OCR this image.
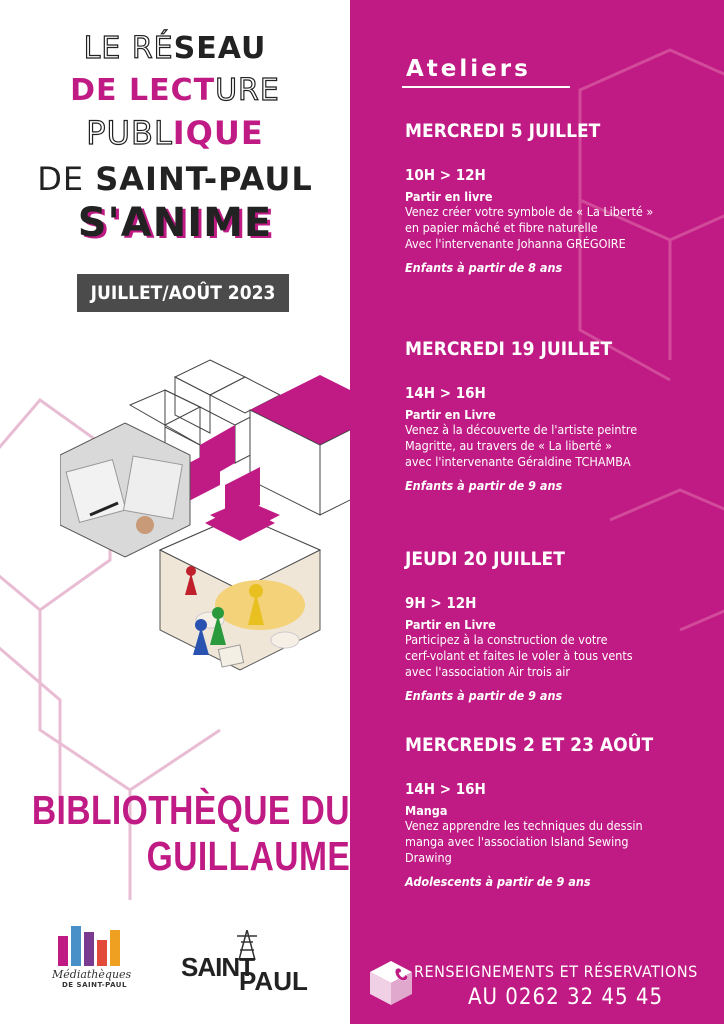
LE RÉSEAU
DE LECTURE
PUBLIQUE
DE SAINT-PAUL
S'ANIME
JUILLET/AOÛT 2023
BIBLIOTHÈQUE DU
GUILLAUME
Médiathèques
DE SAINT-PAUL
SAINT
PAUL
Ateliers
MERCREDI 5 JUILLET
10H > 12H
Partir en livre
Venez créer votre symbole de « La Liberté »
en papier mâché et fibre naturelle
Avec l'intervenante Johanna GRÉGOIRE
Enfants à partir de 8 ans
MERCREDI 19 JUILLET
14H > 16H
Partir en Livre
Venez à la découverte de l'artiste peintre
Magritte, au travers de « La liberté »
avec l'intervenante Géraldine TCHAMBA
Enfants à partir de 9 ans
JEUDI 20 JUILLET
9H > 12H
Partir en Livre
Participez à la construction de votre
cerf-volant et faites le voler à tous vents
avec l'association Air trois air
Enfants à partir de 9 ans
MERCREDIS 2 ET 23 AOÛT
14H > 16H
Manga
Venez apprendre les techniques du dessin
manga avec l'association Island Sewing
Drawing
Adolescents à partir de 9 ans
RENSEIGNEMENTS ET RÉSERVATIONS
AU 0262 32 45 45
